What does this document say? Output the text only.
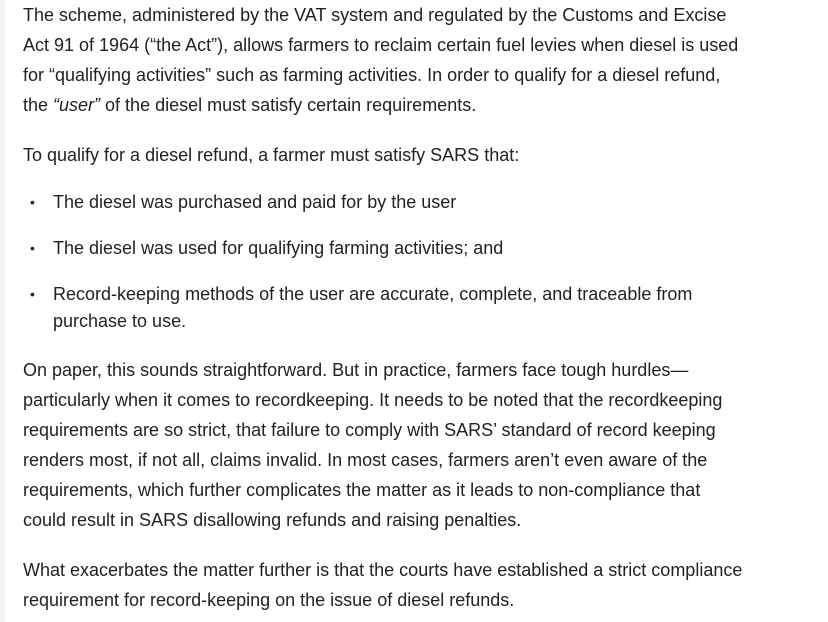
The scheme, administered by the VAT system and regulated by the Customs and Excise
Act 91 of 1964 (“the Act”), allows farmers to reclaim certain fuel levies when diesel is used
for “qualifying activities” such as farming activities. In order to qualify for a diesel refund,
the “user” of the diesel must satisfy certain requirements.

To qualify for a diesel refund, a farmer must satisfy SARS that:

• The diesel was purchased and paid for by the user
• The diesel was used for qualifying farming activities; and
• Record-keeping methods of the user are accurate, complete, and traceable from
purchase to use.

On paper, this sounds straightforward. But in practice, farmers face tough hurdles—
particularly when it comes to recordkeeping. It needs to be noted that the recordkeeping
requirements are so strict, that failure to comply with SARS’ standard of record keeping
renders most, if not all, claims invalid. In most cases, farmers aren’t even aware of the
requirements, which further complicates the matter as it leads to non-compliance that
could result in SARS disallowing refunds and raising penalties.

What exacerbates the matter further is that the courts have established a strict compliance
requirement for record-keeping on the issue of diesel refunds.
